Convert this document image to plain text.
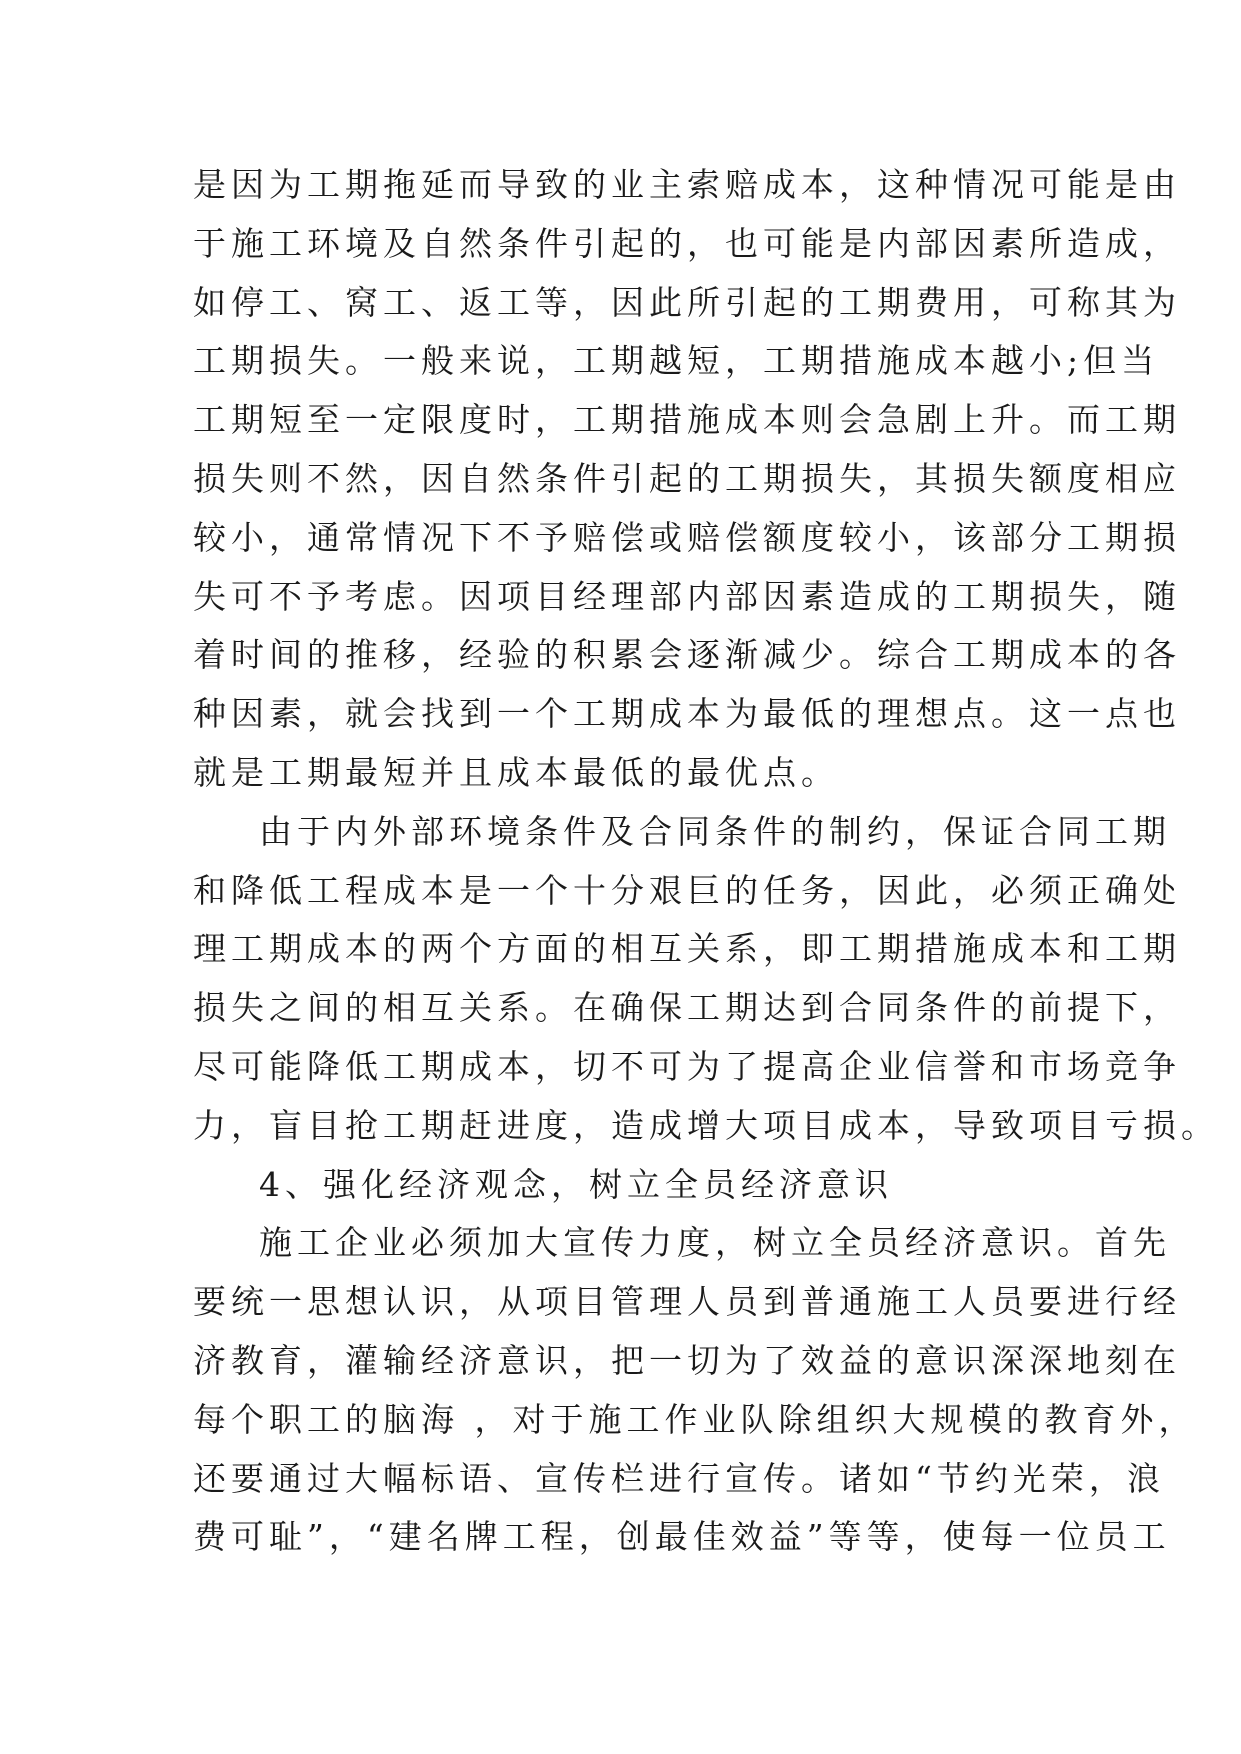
是因为工期拖延而导致的业主索赔成本，这种情况可能是由
于施工环境及自然条件引起的，也可能是内部因素所造成，
如停工、窝工、返工等，因此所引起的工期费用，可称其为
工期损失。一般来说，工期越短，工期措施成本越小;但当
工期短至一定限度时，工期措施成本则会急剧上升。而工期
损失则不然，因自然条件引起的工期损失，其损失额度相应
较小，通常情况下不予赔偿或赔偿额度较小，该部分工期损
失可不予考虑。因项目经理部内部因素造成的工期损失，随
着时间的推移，经验的积累会逐渐减少。综合工期成本的各
种因素，就会找到一个工期成本为最低的理想点。这一点也
就是工期最短并且成本最低的最优点。
由于内外部环境条件及合同条件的制约，保证合同工期
和降低工程成本是一个十分艰巨的任务，因此，必须正确处
理工期成本的两个方面的相互关系，即工期措施成本和工期
损失之间的相互关系。在确保工期达到合同条件的前提下，
尽可能降低工期成本，切不可为了提高企业信誉和市场竞争
力，盲目抢工期赶进度，造成增大项目成本，导致项目亏损。
4、强化经济观念，树立全员经济意识
施工企业必须加大宣传力度，树立全员经济意识。首先
要统一思想认识，从项目管理人员到普通施工人员要进行经
济教育，灌输经济意识，把一切为了效益的意识深深地刻在
每个职工的脑海 ，对于施工作业队除组织大规模的教育外，
还要通过大幅标语、宣传栏进行宣传。诸如“节约光荣，浪
费可耻”，“建名牌工程，创最佳效益”等等，使每一位员工
